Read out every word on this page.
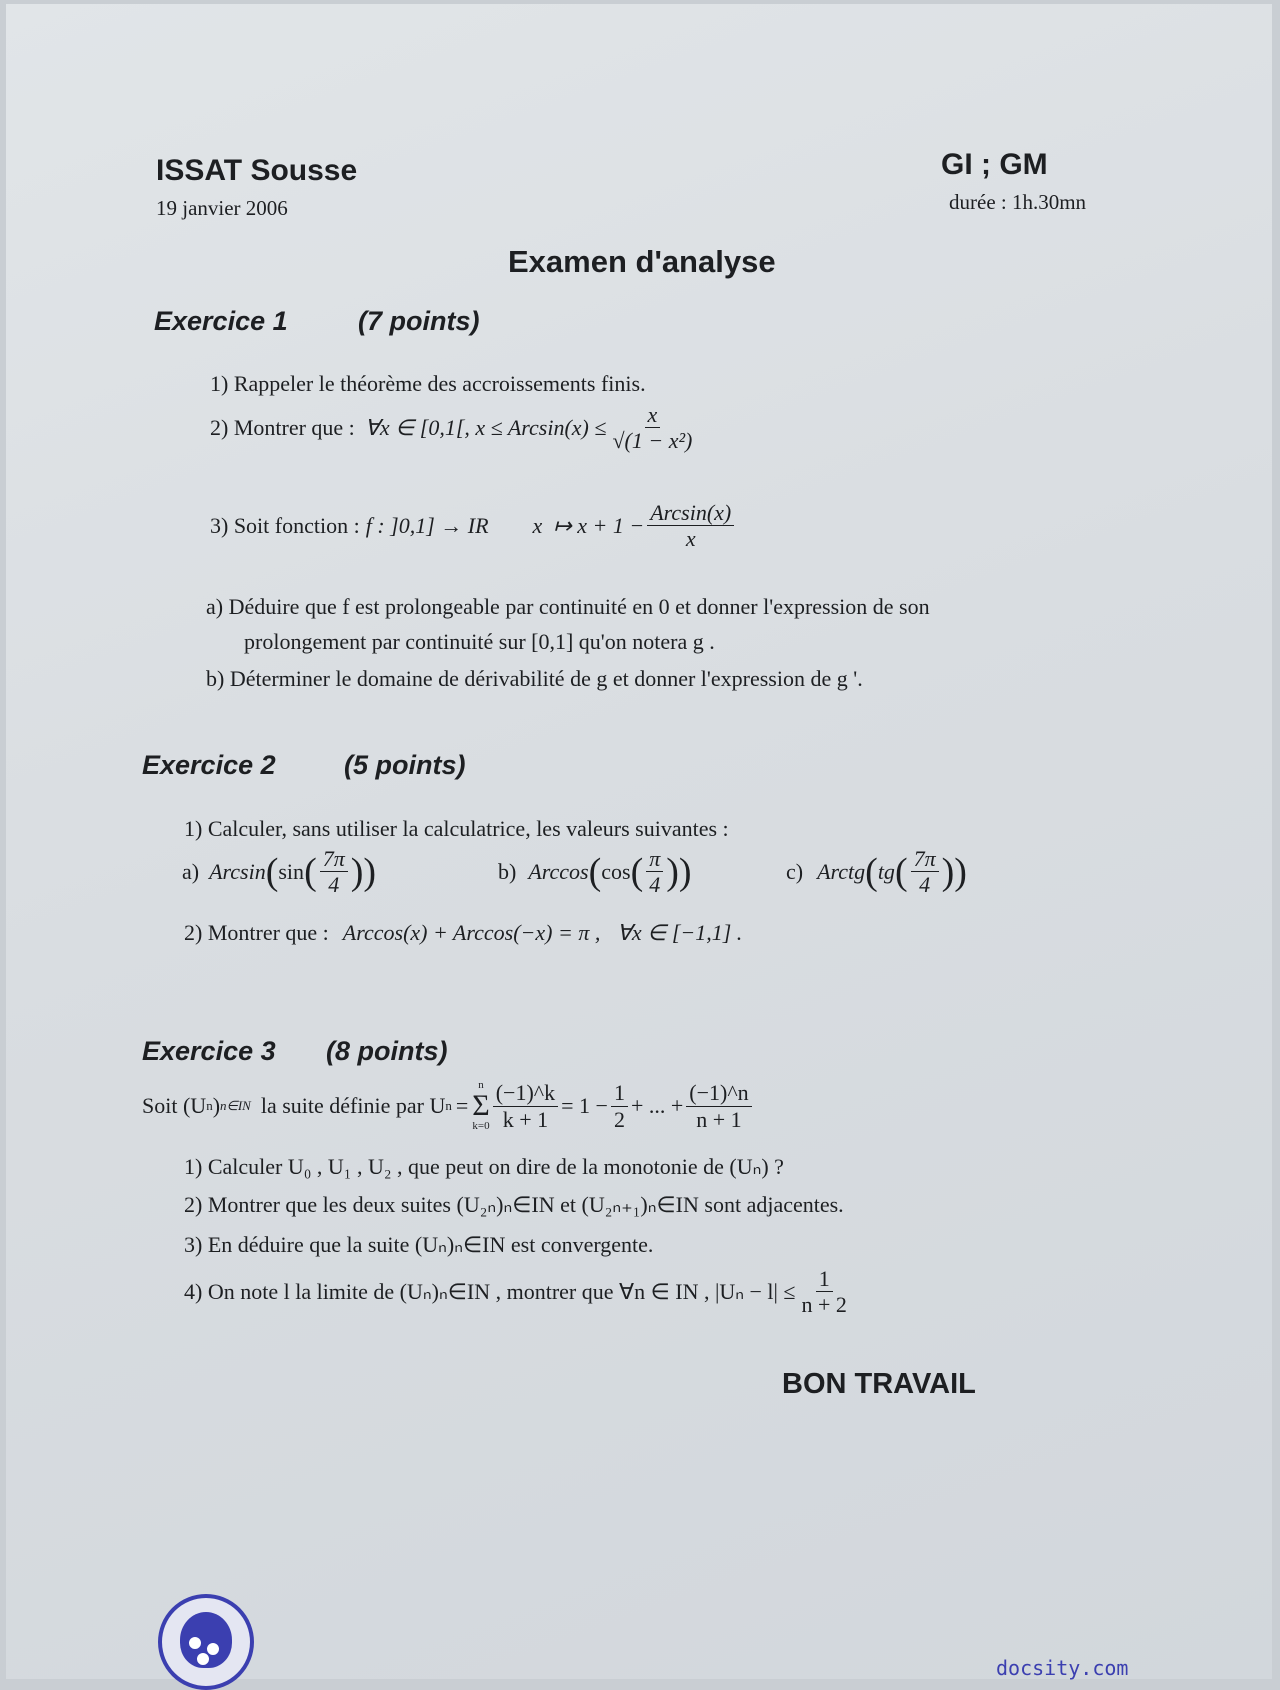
ISSAT Sousse
19 janvier 2006
GI ; GM
durée : 1h.30mn
Examen d'analyse
Exercice 1	(7 points)
1) Rappeler le théorème des accroissements finis.
2) Montrer que : ∀x ∈ [0,1[, $x \le Arcsin(x) \le \frac{x}{\text{√(1 − x²)}}$
3) Soit fonction : f : ]0,1] → IR        x  ↦ $x + 1 - \frac{\text{Arcsin(x)}}{x}$
a) Déduire que f est prolongeable par continuité en 0 et donner l'expression de son
prolongement par continuité sur [0,1] qu'on notera g .
b) Déterminer le domaine de dérivabilité de g et donner l'expression de g '.
Exercice 2	(5 points)
1) Calculer, sans utiliser la calculatrice, les valeurs suivantes :
a) Arcsin ( sin ( $\frac{7\pi}{4}$ ))	b) Arccos ( cos ( $\frac{\pi}{4}$ ))	c) Arctg ( tg ( $\frac{7\pi}{4}$ ))
2) Montrer que : Arccos(x) + Arccos(−x) = π ,   ∀x ∈ [−1,1] .
Exercice 3 (8 points)
Soit (U n ) n∈IN la suite définie par U n =
n
Σ
$k=0 \frac{(-1)\^{}k}{k + 1} = 1 - \frac{1}{2}$ + ... + $\frac{(-1)\^{}n}{n + 1}$
1) Calculer U₀ , U₁ , U₂ , que peut on dire de la monotonie de (Uₙ) ?
2) Montrer que les deux suites (U₂ₙ)ₙ∈IN et (U₂ₙ₊₁)ₙ∈IN sont adjacentes.
3) En déduire que la suite (Uₙ)ₙ∈IN est convergente.
4) On note l la limite de (Uₙ)ₙ∈IN , montrer que ∀n ∈ IN , $|U_n - l| \le \frac{1}{n + 2}$
BON TRAVAIL
docsity.com
